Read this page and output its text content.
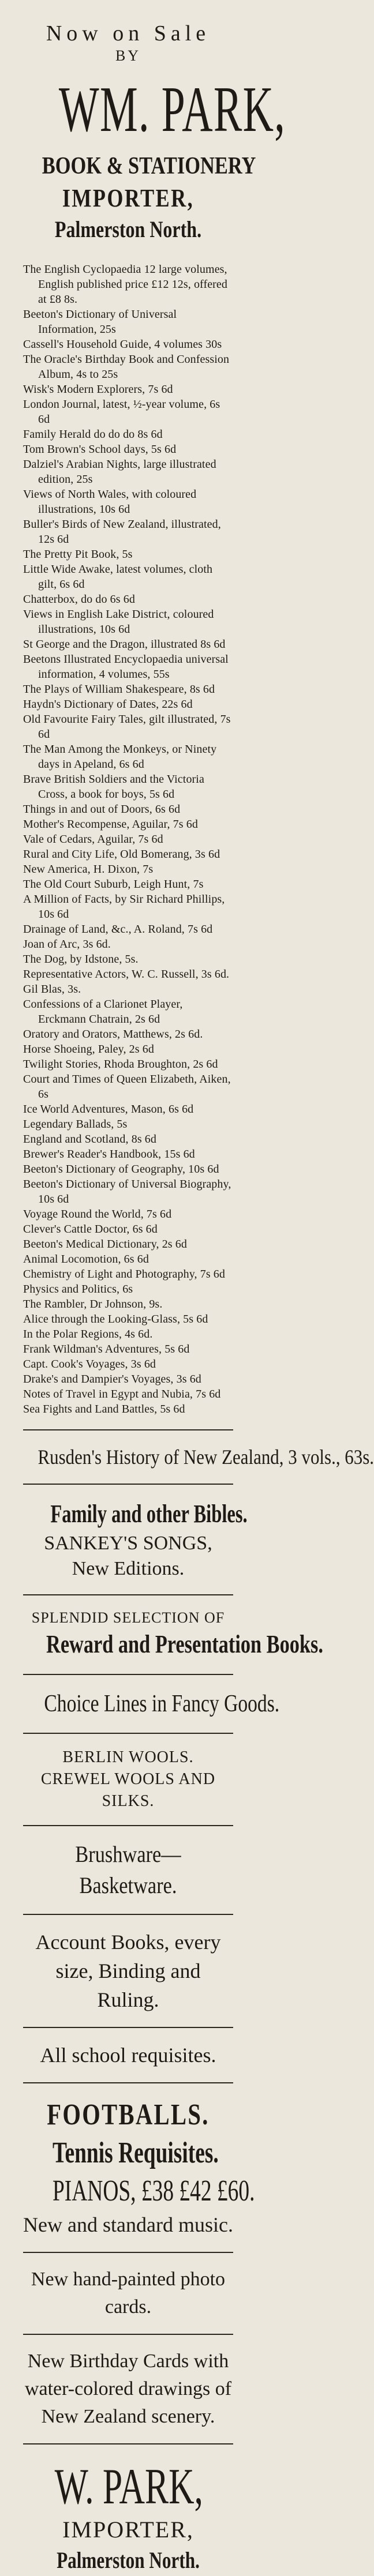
Now on Sale
BY
WM. PARK,
BOOK & STATIONERY
IMPORTER,
Palmerston North.

The English Cyclopaedia 12 large volumes, English published price £12 12s, offered at £8 8s.

Beeton's Dictionary of Universal Information, 25s

Cassell's Household Guide, 4 volumes 30s

The Oracle's Birthday Book and Confession Album, 4s to 25s

Wisk's Modern Explorers, 7s 6d

London Journal, latest, ½-year volume, 6s 6d

Family Herald do do do 8s 6d

Tom Brown's School days, 5s 6d

Dalziel's Arabian Nights, large illustrated edition, 25s

Views of North Wales, with coloured illustrations, 10s 6d

Buller's Birds of New Zealand, illustrated, 12s 6d

The Pretty Pit Book, 5s

Little Wide Awake, latest volumes, cloth gilt, 6s 6d

Chatterbox, do do 6s 6d

Views in English Lake District, coloured illustrations, 10s 6d

St George and the Dragon, illustrated 8s 6d

Beetons Illustrated Encyclopaedia universal information, 4 volumes, 55s

The Plays of William Shakespeare, 8s 6d

Haydn's Dictionary of Dates, 22s 6d

Old Favourite Fairy Tales, gilt illustrated, 7s 6d

The Man Among the Monkeys, or Ninety days in Apeland, 6s 6d

Brave British Soldiers and the Victoria Cross, a book for boys, 5s 6d

Things in and out of Doors, 6s 6d

Mother's Recompense, Aguilar, 7s 6d

Vale of Cedars, Aguilar, 7s 6d

Rural and City Life, Old Bomerang, 3s 6d

New America, H. Dixon, 7s

The Old Court Suburb, Leigh Hunt, 7s

A Million of Facts, by Sir Richard Phillips, 10s 6d

Drainage of Land, &c., A. Roland, 7s 6d

Joan of Arc, 3s 6d.

The Dog, by Idstone, 5s.

Representative Actors, W. C. Russell, 3s 6d.

Gil Blas, 3s.

Confessions of a Clarionet Player, Erckmann Chatrain, 2s 6d

Oratory and Orators, Matthews, 2s 6d.

Horse Shoeing, Paley, 2s 6d

Twilight Stories, Rhoda Broughton, 2s 6d

Court and Times of Queen Elizabeth, Aiken, 6s

Ice World Adventures, Mason, 6s 6d

Legendary Ballads, 5s

England and Scotland, 8s 6d

Brewer's Reader's Handbook, 15s 6d

Beeton's Dictionary of Geography, 10s 6d

Beeton's Dictionary of Universal Biography, 10s 6d

Voyage Round the World, 7s 6d

Clever's Cattle Doctor, 6s 6d

Beeton's Medical Dictionary, 2s 6d

Animal Locomotion, 6s 6d

Chemistry of Light and Photography, 7s 6d

Physics and Politics, 6s

The Rambler, Dr Johnson, 9s.

Alice through the Looking-Glass, 5s 6d

In the Polar Regions, 4s 6d.

Frank Wildman's Adventures, 5s 6d

Capt. Cook's Voyages, 3s 6d

Drake's and Dampier's Voyages, 3s 6d

Notes of Travel in Egypt and Nubia, 7s 6d

Sea Fights and Land Battles, 5s 6d

Rusden's History of New Zealand, 3 vols., 63s.
Family and other Bibles.
SANKEY'S SONGS, New Editions.
SPLENDID SELECTION OF
Reward and Presentation Books.
Choice Lines in Fancy Goods.
BERLIN WOOLS.
CREWEL WOOLS AND SILKS.
Brushware—Basketware.
Account Books, every size, Binding and Ruling.
All school requisites.
FOOTBALLS.
Tennis Requisites.
PIANOS, £38 £42 £60.
New and standard music.
New hand-painted photo cards.
New Birthday Cards with water-colored drawings of New Zealand scenery.
W. PARK,
IMPORTER,
Palmerston North.
